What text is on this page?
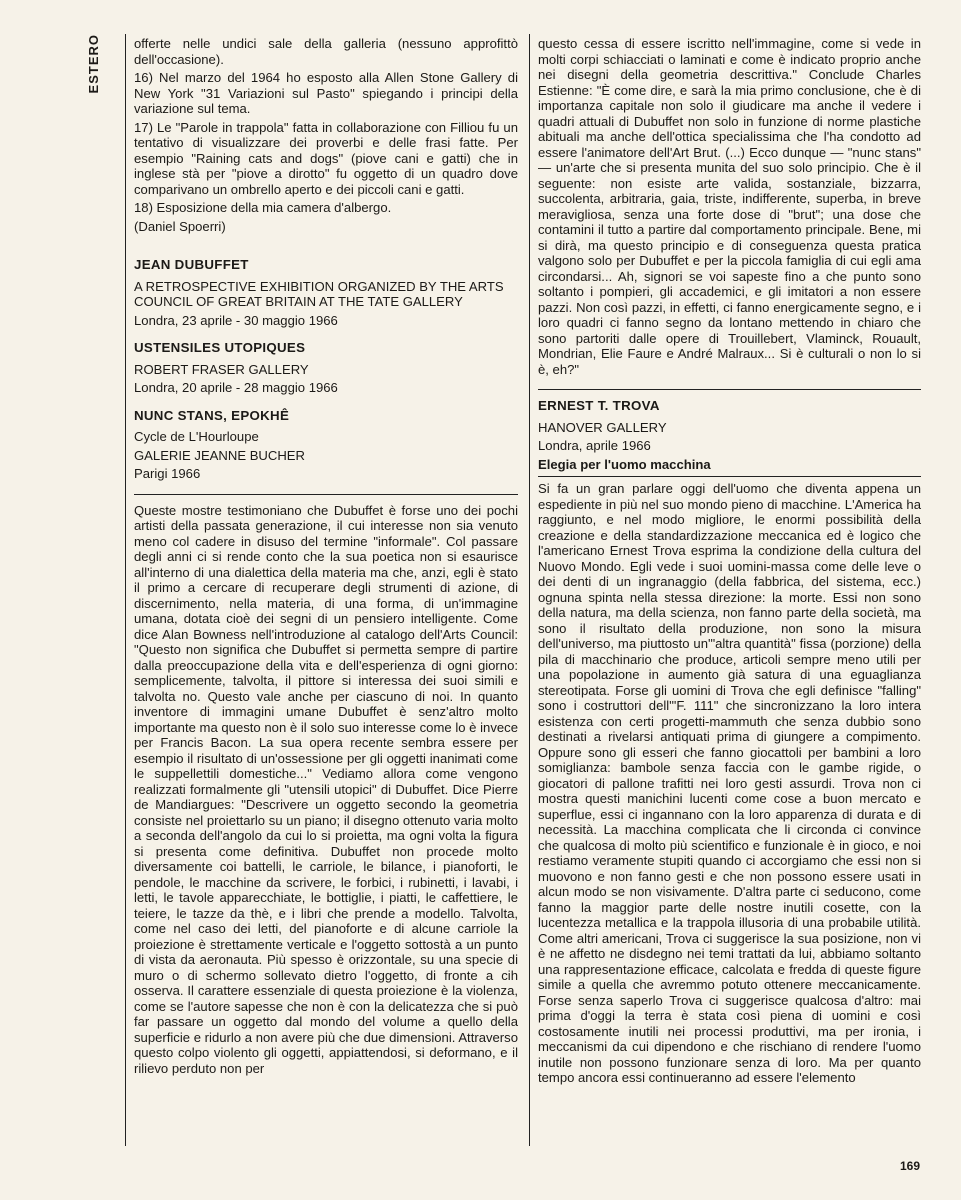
ESTERO	offerte nelle undici sale della galleria (nessuno approfittò dell'occasione).

16) Nel marzo del 1964 ho esposto alla Allen Stone Gallery di New York "31 Variazioni sul Pasto" spiegando i principi della variazione sul tema.

17) Le "Parole in trappola" fatta in collaborazione con Filliou fu un tentativo di visualizzare dei proverbi e delle frasi fatte. Per esempio "Raining cats and dogs" (piove cani e gatti) che in inglese stà per "piove a dirotto" fu oggetto di un quadro dove comparivano un ombrello aperto e dei piccoli cani e gatti.

18) Esposizione della mia camera d'albergo.

(Daniel Spoerri)

JEAN DUBUFFET

A RETROSPECTIVE EXHIBITION ORGANIZED BY THE ARTS COUNCIL OF GREAT BRITAIN AT THE TATE GALLERY

Londra, 23 aprile - 30 maggio 1966

USTENSILES UTOPIQUES

ROBERT FRASER GALLERY

Londra, 20 aprile - 28 maggio 1966

NUNC STANS, EPOKHÊ

Cycle de L'Hourloupe

GALERIE JEANNE BUCHER

Parigi 1966

Queste mostre testimoniano che Dubuffet è forse uno dei pochi artisti della passata generazione, il cui interesse non sia venuto meno col cadere in disuso del termine "informale". Col passare degli anni ci si rende conto che la sua poetica non si esaurisce all'interno di una dialettica della materia ma che, anzi, egli è stato il primo a cercare di recuperare degli strumenti di azione, di discernimento, nella materia, di una forma, di un'immagine umana, dotata cioè dei segni di un pensiero intelligente. Come dice Alan Bowness nell'introduzione al catalogo dell'Arts Council: "Questo non significa che Dubuffet si permetta sempre di partire dalla preoccupazione della vita e dell'esperienza di ogni giorno: semplicemente, talvolta, il pittore si interessa dei suoi simili e talvolta no. Questo vale anche per ciascuno di noi. In quanto inventore di immagini umane Dubuffet è senz'altro molto importante ma questo non è il solo suo interesse come lo è invece per Francis Bacon. La sua opera recente sembra essere per esempio il risultato di un'ossessione per gli oggetti inanimati come le suppellettili domestiche..." Vediamo allora come vengono realizzati formalmente gli "utensili utopici" di Dubuffet. Dice Pierre de Mandiargues: "Descrivere un oggetto secondo la geometria consiste nel proiettarlo su un piano; il disegno ottenuto varia molto a seconda dell'angolo da cui lo si proietta, ma ogni volta la figura si presenta come definitiva. Dubuffet non procede molto diversamente coi battelli, le carriole, le bilance, i pianoforti, le pendole, le macchine da scrivere, le forbici, i rubinetti, i lavabi, i letti, le tavole apparecchiate, le bottiglie, i piatti, le caffettiere, le teiere, le tazze da thè, e i libri che prende a modello. Talvolta, come nel caso dei letti, del pianoforte e di alcune carriole la proiezione è strettamente verticale e l'oggetto sottostà a un punto di vista da aeronauta. Più spesso è orizzontale, su una specie di muro o di schermo sollevato dietro l'oggetto, di fronte a cih osserva. Il carattere essenziale di questa proiezione è la violenza, come se l'autore sapesse che non è con la delicatezza che si può far passare un oggetto dal mondo del volume a quello della superficie e ridurlo a non avere più che due dimensioni. Attraverso questo colpo violento gli oggetti, appiattendosi, si deformano, e il rilievo perduto non per

questo cessa di essere iscritto nell'immagine, come si vede in molti corpi schiacciati o laminati e come è indicato proprio anche nei disegni della geometria descrittiva." Conclude Charles Estienne: "È come dire, e sarà la mia primo conclusione, che è di importanza capitale non solo il giudicare ma anche il vedere i quadri attuali di Dubuffet non solo in funzione di norme plastiche abituali ma anche dell'ottica specialissima che l'ha condotto ad essere l'animatore dell'Art Brut. (...) Ecco dunque — "nunc stans" — un'arte che si presenta munita del suo solo principio. Che è il seguente: non esiste arte valida, sostanziale, bizzarra, succolenta, arbitraria, gaia, triste, indifferente, superba, in breve meravigliosa, senza una forte dose di "brut"; una dose che contamini il tutto a partire dal comportamento principale. Bene, mi si dirà, ma questo principio e di conseguenza questa pratica valgono solo per Dubuffet e per la piccola famiglia di cui egli ama circondarsi... Ah, signori se voi sapeste fino a che punto sono soltanto i pompieri, gli accademici, e gli imitatori a non essere pazzi. Non così pazzi, in effetti, ci fanno energicamente segno, e i loro quadri ci fanno segno da lontano mettendo in chiaro che sono partoriti dalle opere di Trouillebert, Vlaminck, Rouault, Mondrian, Elie Faure e André Malraux... Si è culturali o non lo si è, eh?"

ERNEST T. TROVA

HANOVER GALLERY

Londra, aprile 1966

Elegia per l'uomo macchina

Si fa un gran parlare oggi dell'uomo che diventa appena un espediente in più nel suo mondo pieno di macchine. L'America ha raggiunto, e nel modo migliore, le enormi possibilità della creazione e della standardizzazione meccanica ed è logico che l'americano Ernest Trova esprima la condizione della cultura del Nuovo Mondo. Egli vede i suoi uomini-massa come delle leve o dei denti di un ingranaggio (della fabbrica, del sistema, ecc.) ognuna spinta nella stessa direzione: la morte. Essi non sono della natura, ma della scienza, non fanno parte della società, ma sono il risultato della produzione, non sono la misura dell'universo, ma piuttosto un'"altra quantità" fissa (porzione) della pila di macchinario che produce, articoli sempre meno utili per una popolazione in aumento già satura di una eguaglianza stereotipata. Forse gli uomini di Trova che egli definisce "falling" sono i costruttori dell'"F. 111" che sincronizzano la loro intera esistenza con certi progetti-mammuth che senza dubbio sono destinati a rivelarsi antiquati prima di giungere a compimento. Oppure sono gli esseri che fanno giocattoli per bambini a loro somiglianza: bambole senza faccia con le gambe rigide, o giocatori di pallone trafitti nei loro gesti assurdi. Trova non ci mostra questi manichini lucenti come cose a buon mercato e superflue, essi ci ingannano con la loro apparenza di durata e di necessità. La macchina complicata che li circonda ci convince che qualcosa di molto più scientifico e funzionale è in gioco, e noi restiamo veramente stupiti quando ci accorgiamo che essi non si muovono e non fanno gesti e che non possono essere usati in alcun modo se non visivamente. D'altra parte ci seducono, come fanno la maggior parte delle nostre inutili cosette, con la lucentezza metallica e la trappola illusoria di una probabile utilità. Come altri americani, Trova ci suggerisce la sua posizione, non vi è ne affetto ne disdegno nei temi trattati da lui, abbiamo soltanto una rappresentazione efficace, calcolata e fredda di queste figure simile a quella che avremmo potuto ottenere meccanicamente. Forse senza saperlo Trova ci suggerisce qualcosa d'altro: mai prima d'oggi la terra è stata così piena di uomini e così costosamente inutili nei processi produttivi, ma per ironia, i meccanismi da cui dipendono e che rischiano di rendere l'uomo inutile non possono funzionare senza di loro. Ma per quanto tempo ancora essi continueranno ad essere l'elemento

169
